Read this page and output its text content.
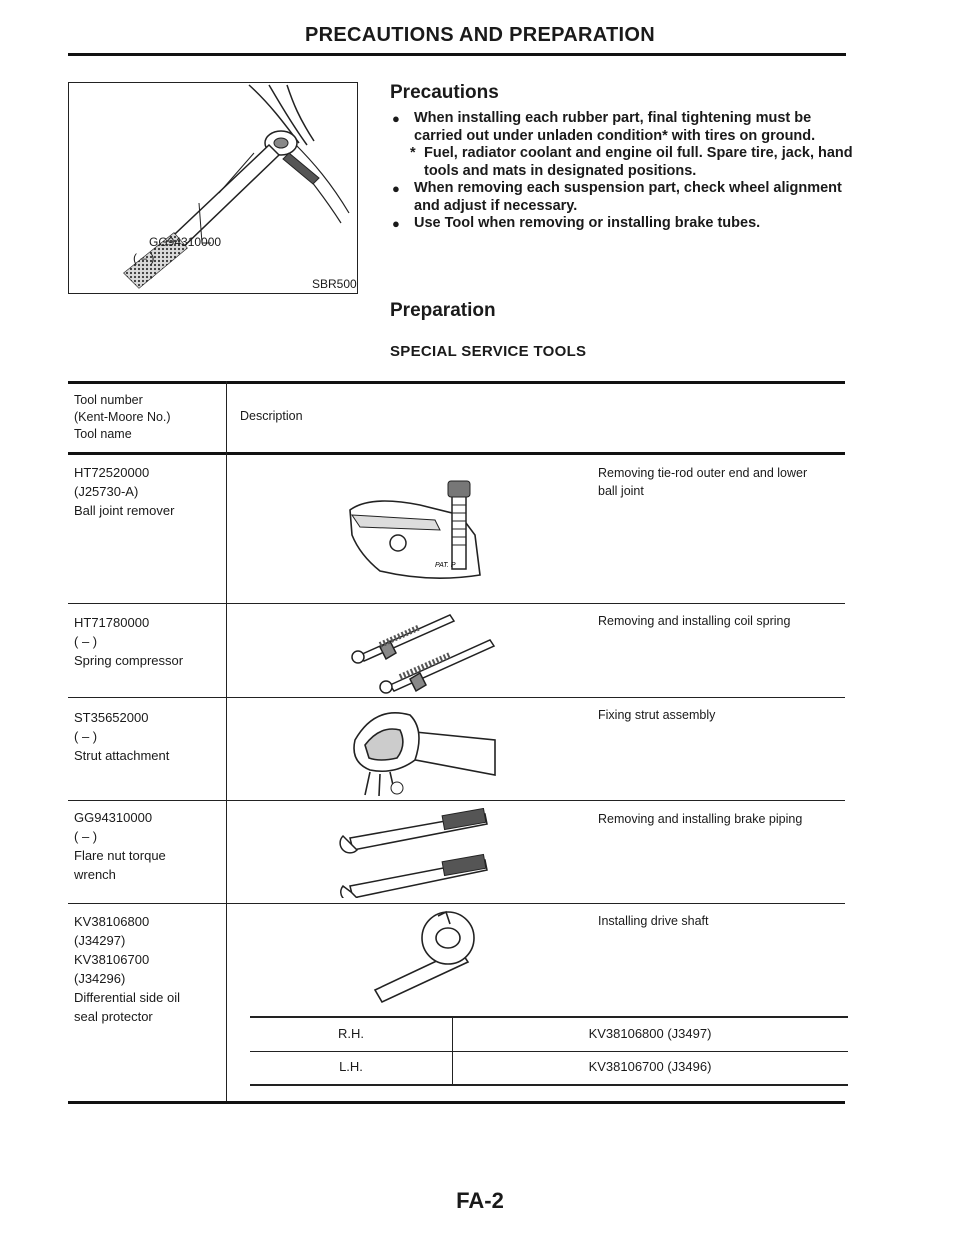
PRECAUTIONS AND PREPARATION
GG94310000
( – )
SBR500
Precautions
● When installing each rubber part, final tightening must be carried out under unladen condition* with tires on ground.
* Fuel, radiator coolant and engine oil full. Spare tire, jack, hand tools and mats in designated positions.
● When removing each suspension part, check wheel alignment and adjust if necessary.
● Use Tool when removing or installing brake tubes.
Preparation
SPECIAL SERVICE TOOLS
Tool number
(Kent-Moore No.)
Tool name
Description
HT72520000
(J25730-A)
Ball joint remover
PAT. P
Removing tie-rod outer end and lower
ball joint
HT71780000
( – )
Spring compressor
Removing and installing coil spring
ST35652000
( – )
Strut attachment
Fixing strut assembly
GG94310000
( – )
Flare nut torque
wrench
Removing and installing brake piping
KV38106800
(J34297)
KV38106700
(J34296)
Differential side oil
seal protector
Installing drive shaft
R.H.	KV38106800 (J3497)
L.H.	KV38106700 (J3496)
FA-2
